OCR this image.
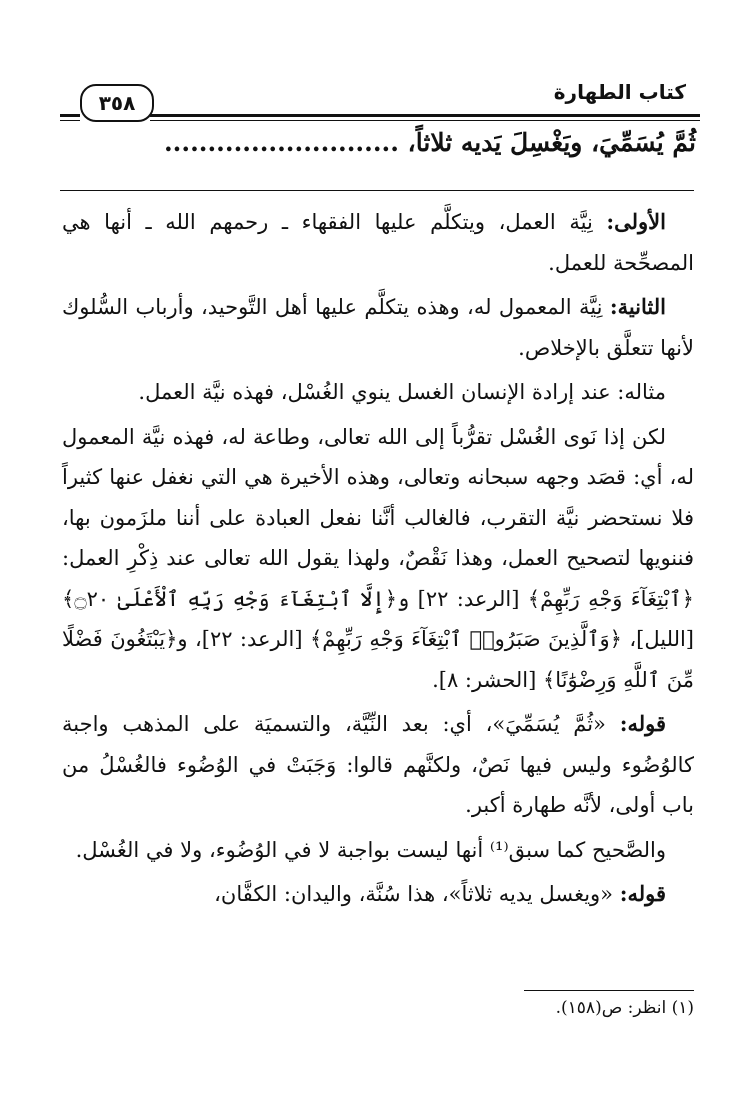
٣٥٨	كتاب الطهارة
ثُمَّ يُسَمِّيَ، ويَغْسِلَ يَديه ثلاثاً، ...........................

الأولى: نِيَّة العمل، ويتكلَّم عليها الفقهاء ـ رحمهم الله ـ أنها هي المصحِّحة للعمل.

الثانية: نِيَّة المعمول له، وهذه يتكلَّم عليها أهل التَّوحيد، وأرباب السُّلوك لأنها تتعلَّق بالإخلاص.

مثاله: عند إرادة الإنسان الغسل ينوي الغُسْل، فهذه نيَّة العمل.

لكن إذا نَوى الغُسْل تقرُّباً إلى الله تعالى، وطاعة له، فهذه نيَّة المعمول له، أي: قصَد وجهه سبحانه وتعالى، وهذه الأخيرة هي التي نغفل عنها كثيراً فلا نستحضر نيَّة التقرب، فالغالب أنَّنا نفعل العبادة على أننا ملزَمون بها، فننويها لتصحيح العمل، وهذا نَقْصٌ، ولهذا يقول الله تعالى عند ذِكْرِ العمل: ﴿ٱبْتِغَآءَ وَجْهِ رَبِّهِمْ﴾ [الرعد: ٢٢] و﴿إِلَّا ٱبْتِغَآءَ وَجْهِ رَبِّهِ ٱلْأَعْلَىٰ ۝٢٠﴾ [الليل]، ﴿وَٱلَّذِينَ صَبَرُوا۟ ٱبْتِغَآءَ وَجْهِ رَبِّهِمْ﴾ [الرعد: ٢٢]، و﴿يَبْتَغُونَ فَضْلًا مِّنَ ٱللَّهِ وَرِضْوَٰنًا﴾ [الحشر: ٨].

قوله: «ثُمَّ يُسَمِّيَ»، أي: بعد النِّيَّة، والتسميَة على المذهب واجبة كالوُضُوء وليس فيها نَصٌ، ولكنَّهم قالوا: وَجَبَتْ في الوُضُوء فالغُسْلُ من باب أولى، لأنَّه طهارة أكبر.

والصَّحيح كما سبق⁽¹⁾ أنها ليست بواجبة لا في الوُضُوء، ولا في الغُسْل.

قوله: «ويغسل يديه ثلاثاً»، هذا سُنَّة، واليدان: الكفَّان،

(١) انظر: ص(١٥٨).
